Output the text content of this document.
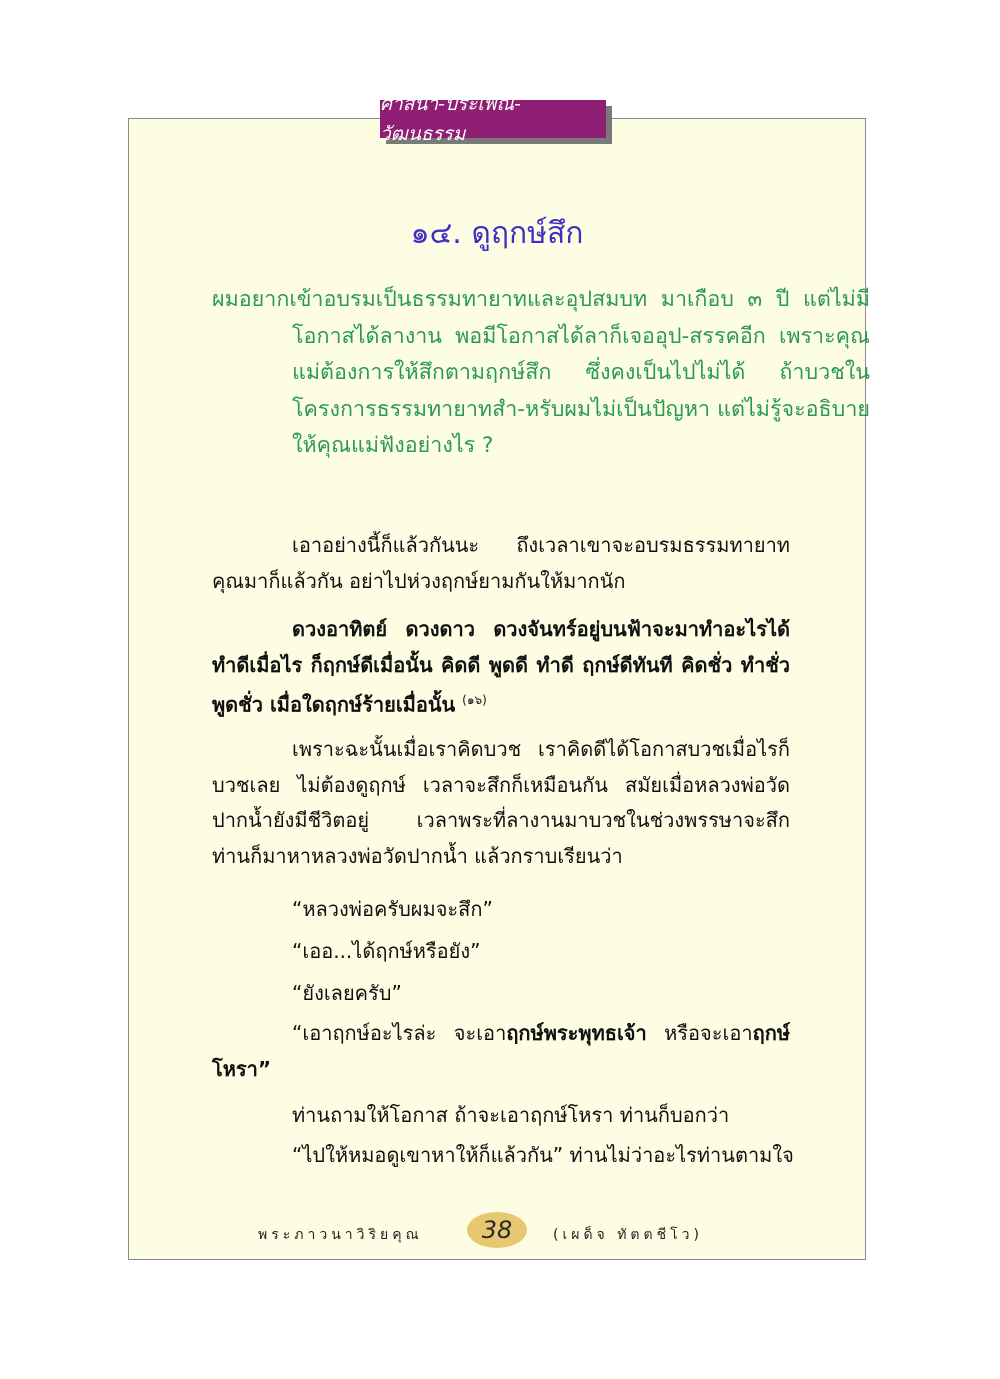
ศาสนา-ประเพณี-วัฒนธรรม
๑๔. ดูฤกษ์สึก
ผมอยากเข้าอบรมเป็นธรรมทายาทและอุปสมบท มาเกือบ ๓ ปี แต่ไม่มีโอกาสได้ลางาน พอมีโอกาสได้ลาก็เจออุป-สรรคอีก เพราะคุณแม่ต้องการให้สึกตามฤกษ์สึก ซึ่งคงเป็นไปไม่ได้ ถ้าบวชในโครงการธรรมทายาทสำ-หรับผมไม่เป็นปัญหา แต่ไม่รู้จะอธิบายให้คุณแม่ฟังอย่างไร ?

เอาอย่างนี้ก็แล้วกันนะ ถึงเวลาเขาจะอบรมธรรมทายาท คุณมาก็แล้วกัน อย่าไปห่วงฤกษ์ยามกันให้มากนัก

ดวงอาทิตย์ ดวงดาว ดวงจันทร์อยู่บนฟ้าจะมาทำอะไรได้ ทำดีเมื่อไร ก็ฤกษ์ดีเมื่อนั้น คิดดี พูดดี ทำดี ฤกษ์ดีทันที คิดชั่ว ทำชั่ว พูดชั่ว เมื่อใดฤกษ์ร้ายเมื่อนั้น $^{(๑๖)}$

เพราะฉะนั้นเมื่อเราคิดบวช เราคิดดีได้โอกาสบวชเมื่อไรก็บวชเลย ไม่ต้องดูฤกษ์ เวลาจะสึกก็เหมือนกัน สมัยเมื่อหลวงพ่อวัดปากน้ำยังมีชีวิตอยู่ เวลาพระที่ลางานมาบวชในช่วงพรรษาจะสึก ท่านก็มาหาหลวงพ่อวัดปากน้ำ แล้วกราบเรียนว่า

“หลวงพ่อครับผมจะสึก”
“เออ...ได้ฤกษ์หรือยัง”
“ยังเลยครับ”

“เอาฤกษ์อะไรล่ะ จะเอาฤกษ์พระพุทธเจ้า หรือจะเอาฤกษ์โหรา”

ท่านถามให้โอกาส ถ้าจะเอาฤกษ์โหรา ท่านก็บอกว่า
“ไปให้หมอดูเขาหาให้ก็แล้วกัน” ท่านไม่ว่าอะไรท่านตามใจ
พระภาวนาวิริยคุณ	38	(เผด็จ ทัตตชีโว)
